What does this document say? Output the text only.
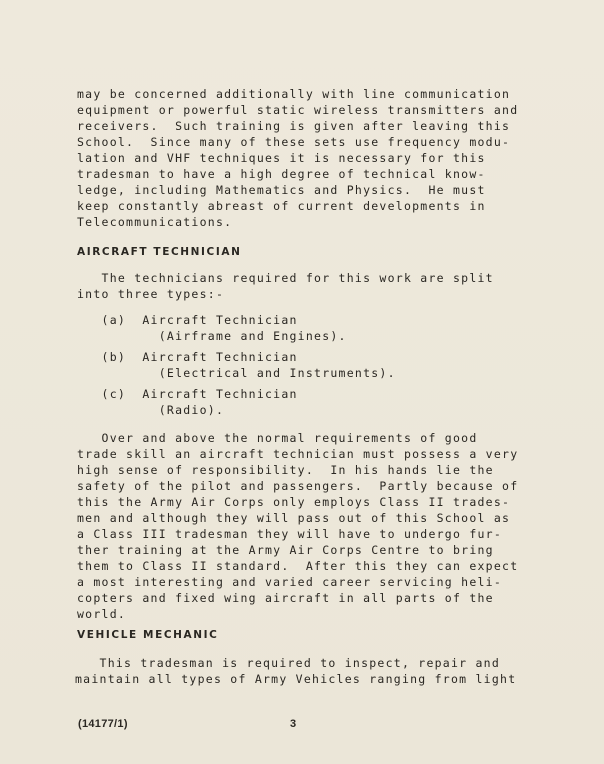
may be concerned additionally with line communication
equipment or powerful static wireless transmitters and
receivers.  Such training is given after leaving this
School.  Since many of these sets use frequency modu-
lation and VHF techniques it is necessary for this
tradesman to have a high degree of technical know-
ledge, including Mathematics and Physics.  He must
keep constantly abreast of current developments in
Telecommunications.
AIRCRAFT TECHNICIAN
The technicians required for this work are split
into three types:-
(a)  Aircraft Technician
(Airframe and Engines).
(b)  Aircraft Technician
(Electrical and Instruments).
(c)  Aircraft Technician
(Radio).
Over and above the normal requirements of good
trade skill an aircraft technician must possess a very
high sense of responsibility.  In his hands lie the
safety of the pilot and passengers.  Partly because of
this the Army Air Corps only employs Class II trades-
men and although they will pass out of this School as
a Class III tradesman they will have to undergo fur-
ther training at the Army Air Corps Centre to bring
them to Class II standard.  After this they can expect
a most interesting and varied career servicing heli-
copters and fixed wing aircraft in all parts of the
world.
VEHICLE MECHANIC
This tradesman is required to inspect, repair and
maintain all types of Army Vehicles ranging from light
(14177/1)	3
